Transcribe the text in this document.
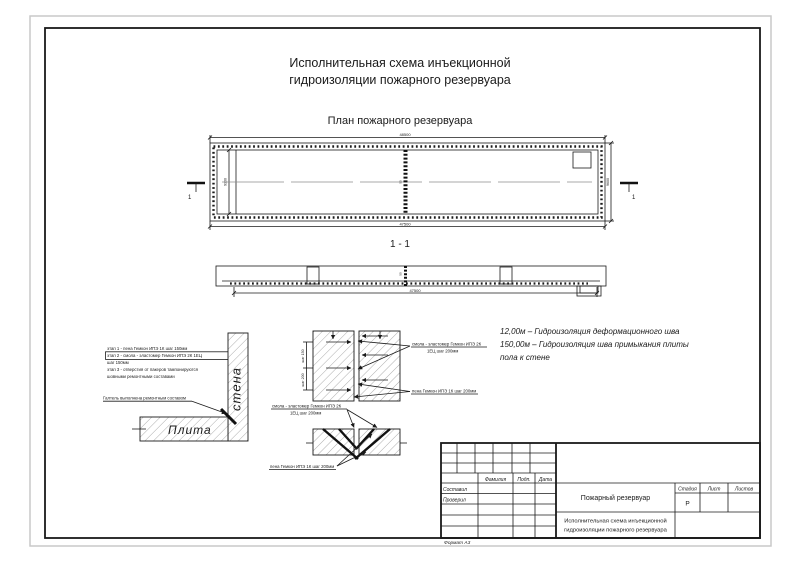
Исполнительная схема инъекционной
гидроизоляции пожарного резервуара
План пожарного резервуара
9300	50
48500
47500
9600
1	1
1 - 1
50
47500
этап 1 - пена Гемкон ИПЭ 1К шаг 150мм
этап 2 - смола - эластомер Гемкон ИПЭ 2К 1ЕЦ
шаг 150мм
этап 3 - отверстия от пакеров тампонируются
шовными ремонтными составами
Галтель выполнена ремонтным составом	стена
Плита
шаг 150
шаг 200
смола - эластомер Гемкон ИПЭ 2К
1ЕЦ шаг 200мм
пена Гемкон ИПЭ 1К шаг 200мм
смола - эластомер Гемкон ИПЭ 2К
1ЕЦ шаг 200мм
пена Гемкон ИПЭ 1К шаг 200мм
12,00м – Гидроизоляция деформационного шва
150,00м – Гидроизоляция шва примыкания плиты
пола к стене
Фамилия Подп. Дата
Составил
Проверил	Пожарный резервуар
Исполнительная схема инъекционной
гидроизоляции пожарного резервуара
Стадия Лист	Листов
Р
Формат А3
